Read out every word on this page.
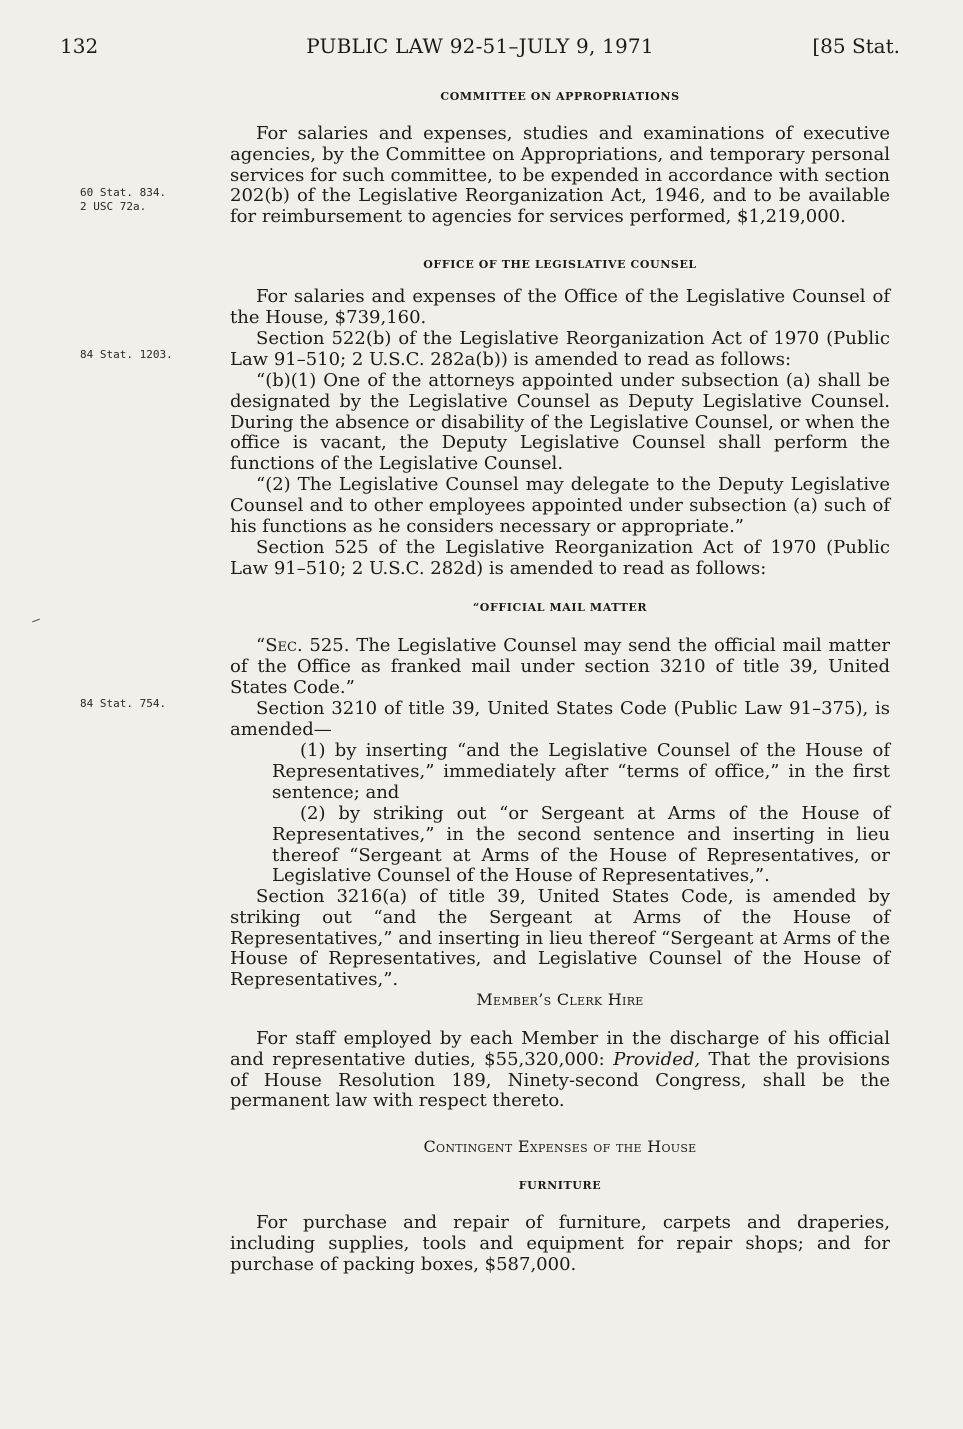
132	PUBLIC LAW 92-51–JULY 9, 1971	[85 Stat.
COMMITTEE ON APPROPRIATIONS

For salaries and expenses, studies and examinations of executive agencies, by the Committee on Appropriations, and temporary personal services for such committee, to be expended in accordance with section 202(b) of the Legislative Reorganization Act, 1946, and to be available for reimbursement to agencies for services performed, $1,219,000.

60 Stat. 834.
2 USC 72a.
OFFICE OF THE LEGISLATIVE COUNSEL

For salaries and expenses of the Office of the Legislative Counsel of the House, $739,160.

Section 522(b) of the Legislative Reorganization Act of 1970 (Public Law 91–510; 2 U.S.C. 282a(b)) is amended to read as follows:

84 Stat. 1203.

“(b)(1) One of the attorneys appointed under subsection (a) shall be designated by the Legislative Counsel as Deputy Legislative Counsel. During the absence or disability of the Legislative Counsel, or when the office is vacant, the Deputy Legislative Counsel shall perform the functions of the Legislative Counsel.

“(2) The Legislative Counsel may delegate to the Deputy Legislative Counsel and to other employees appointed under subsection (a) such of his functions as he considers necessary or appropriate.”

Section 525 of the Legislative Reorganization Act of 1970 (Public Law 91–510; 2 U.S.C. 282d) is amended to read as follows:

“OFFICIAL MAIL MATTER

“Sec. 525. The Legislative Counsel may send the official mail matter of the Office as franked mail under section 3210 of title 39, United States Code.”

84 Stat. 754.	Section 3210 of title 39, United States Code (Public Law 91–375), is amended—

(1) by inserting “and the Legislative Counsel of the House of Representatives,” immediately after “terms of office,” in the first sentence; and

(2) by striking out “or Sergeant at Arms of the House of Representatives,” in the second sentence and inserting in lieu thereof “Sergeant at Arms of the House of Representatives, or Legislative Counsel of the House of Representatives,”.

Section 3216(a) of title 39, United States Code, is amended by striking out “and the Sergeant at Arms of the House of Representatives,” and inserting in lieu thereof “Sergeant at Arms of the House of Representatives, and Legislative Counsel of the House of Representatives,”.

Member’s Clerk Hire

For staff employed by each Member in the discharge of his official and representative duties, $55,320,000: Provided, That the provisions of House Resolution 189, Ninety-second Congress, shall be the permanent law with respect thereto.

Contingent Expenses of the House
FURNITURE

For purchase and repair of furniture, carpets and draperies, including supplies, tools and equipment for repair shops; and for purchase of packing boxes, $587,000.
